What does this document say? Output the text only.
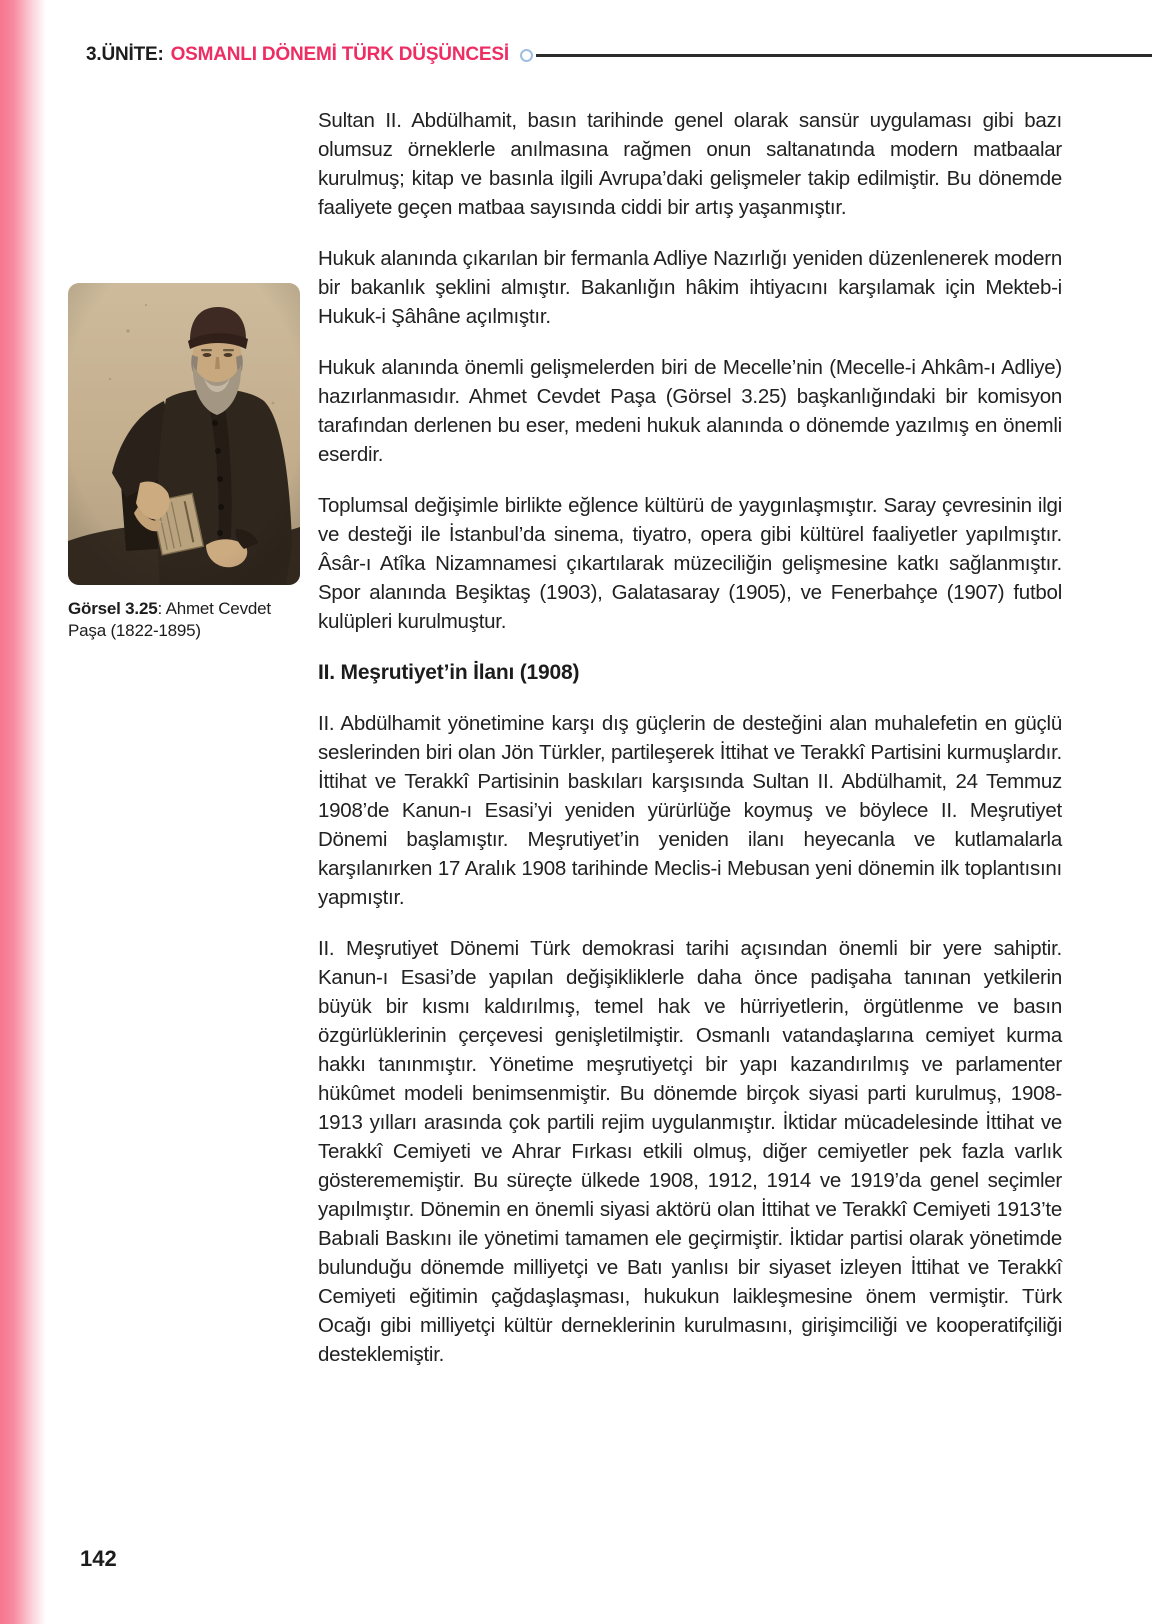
3.ÜNİTE: OSMANLI DÖNEMİ TÜRK DÜŞÜNCESİ
Görsel 3.25: Ahmet Cevdet Paşa (1822-1895)

Sultan II. Abdülhamit, basın tarihinde genel olarak sansür uygulaması gibi bazı olumsuz örneklerle anılmasına rağmen onun saltanatında modern matbaalar kurulmuş; kitap ve basınla ilgili Avrupa’daki gelişmeler takip edilmiştir. Bu dönemde faaliyete geçen matbaa sayısında ciddi bir artış yaşanmıştır.

Hukuk alanında çıkarılan bir fermanla Adliye Nazırlığı yeniden düzenlenerek modern bir bakanlık şeklini almıştır. Bakanlığın hâkim ihtiyacını karşılamak için Mekteb-i Hukuk-i Şâhâne açılmıştır.

Hukuk alanında önemli gelişmelerden biri de Mecelle’nin (Mecelle-i Ahkâm-ı Adliye) hazırlanmasıdır. Ahmet Cevdet Paşa (Görsel 3.25) başkanlığındaki bir komisyon tarafından derlenen bu eser, medeni hukuk alanında o dönemde yazılmış en önemli eserdir.

Toplumsal değişimle birlikte eğlence kültürü de yaygınlaşmıştır. Saray çevresinin ilgi ve desteği ile İstanbul’da sinema, tiyatro, opera gibi kültürel faaliyetler yapılmıştır. Âsâr-ı Atîka Nizamnamesi çıkartılarak müzeciliğin gelişmesine katkı sağlanmıştır. Spor alanında Beşiktaş (1903), Galatasaray (1905), ve Fenerbahçe (1907) futbol kulüpleri kurulmuştur.

II. Meşrutiyet’in İlanı (1908)

II. Abdülhamit yönetimine karşı dış güçlerin de desteğini alan muhalefetin en güçlü seslerinden biri olan Jön Türkler, partileşerek İttihat ve Terakkî Partisini kurmuşlardır. İttihat ve Terakkî Partisinin baskıları karşısında Sultan II. Abdülhamit, 24 Temmuz 1908’de Kanun-ı Esasi’yi yeniden yürürlüğe koymuş ve böylece II. Meşrutiyet Dönemi başlamıştır. Meşrutiyet’in yeniden ilanı heyecanla ve kutlamalarla karşılanırken 17 Aralık 1908 tarihinde Meclis-i Mebusan yeni dönemin ilk toplantısını yapmıştır.

II. Meşrutiyet Dönemi Türk demokrasi tarihi açısından önemli bir yere sahiptir. Kanun-ı Esasi’de yapılan değişikliklerle daha önce padişaha tanınan yetkilerin büyük bir kısmı kaldırılmış, temel hak ve hürriyetlerin, örgütlenme ve basın özgürlüklerinin çerçevesi genişletilmiştir. Osmanlı vatandaşlarına cemiyet kurma hakkı tanınmıştır. Yönetime meşrutiyetçi bir yapı kazandırılmış ve parlamenter hükûmet modeli benimsenmiştir. Bu dönemde birçok siyasi parti kurulmuş, 1908-1913 yılları arasında çok partili rejim uygulanmıştır. İktidar mücadelesinde İttihat ve Terakkî Cemiyeti ve Ahrar Fırkası etkili olmuş, diğer cemiyetler pek fazla varlık gösterememiştir. Bu süreçte ülkede 1908, 1912, 1914 ve 1919’da genel seçimler yapılmıştır. Dönemin en önemli siyasi aktörü olan İttihat ve Terakkî Cemiyeti 1913’te Babıali Baskını ile yönetimi tamamen ele geçirmiştir. İktidar partisi olarak yönetimde bulunduğu dönemde milliyetçi ve Batı yanlısı bir siyaset izleyen İttihat ve Terakkî Cemiyeti eğitimin çağdaşlaşması, hukukun laikleşmesine önem vermiştir. Türk Ocağı gibi milliyetçi kültür derneklerinin kurulmasını, girişimciliği ve kooperatifçiliği desteklemiştir.

142
